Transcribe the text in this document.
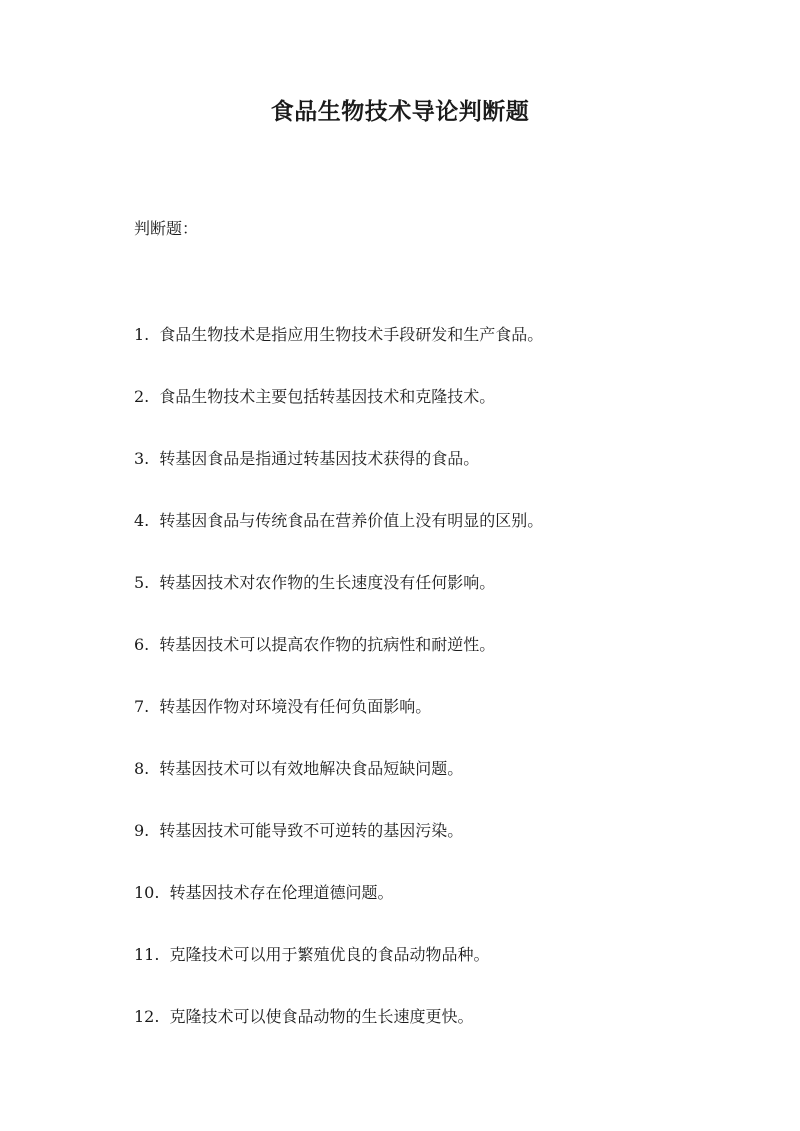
食品生物技术导论判断题
判断题：
1. 食品生物技术是指应用生物技术手段研发和生产食品。
2. 食品生物技术主要包括转基因技术和克隆技术。
3. 转基因食品是指通过转基因技术获得的食品。
4. 转基因食品与传统食品在营养价值上没有明显的区别。
5. 转基因技术对农作物的生长速度没有任何影响。
6. 转基因技术可以提高农作物的抗病性和耐逆性。
7. 转基因作物对环境没有任何负面影响。
8. 转基因技术可以有效地解决食品短缺问题。
9. 转基因技术可能导致不可逆转的基因污染。
10. 转基因技术存在伦理道德问题。
11. 克隆技术可以用于繁殖优良的食品动物品种。
12. 克隆技术可以使食品动物的生长速度更快。
